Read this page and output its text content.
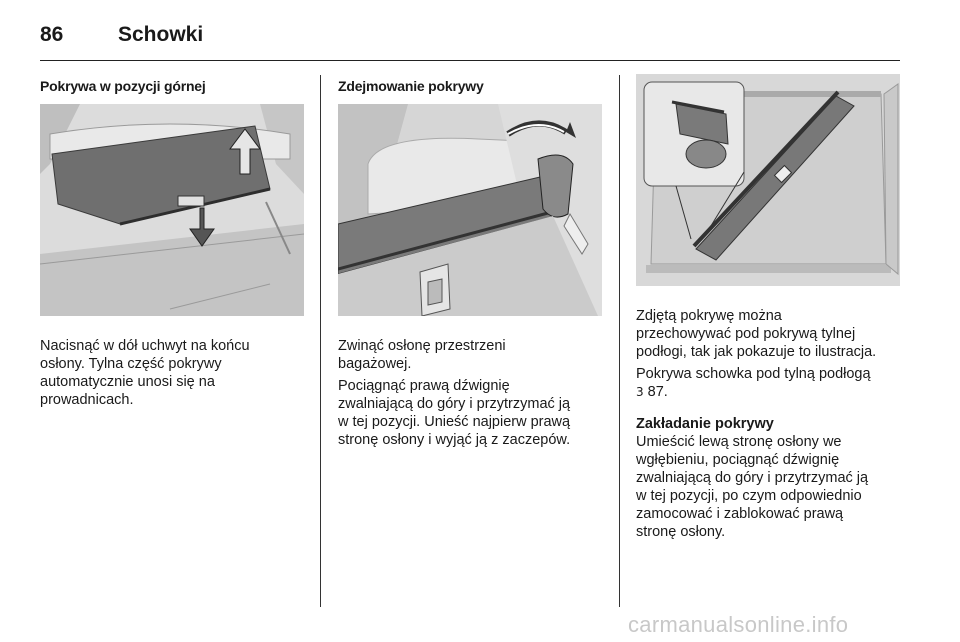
86	Schowki
Pokrywa w pozycji górnej

Nacisnąć w dół uchwyt na końcu
osłony. Tylna część pokrywy
automatycznie unosi się na
prowadnicach.

Zdejmowanie pokrywy

Zwinąć osłonę przestrzeni
bagażowej.

Pociągnąć prawą dźwignię
zwalniającą do góry i przytrzymać ją
w tej pozycji. Unieść najpierw prawą
stronę osłony i wyjąć ją z zaczepów.

Zdjętą pokrywę można
przechowywać pod pokrywą tylnej
podłogi, tak jak pokazuje to ilustracja.

Pokrywa schowka pod tylną podłogą
3 87.

Zakładanie pokrywy

Umieścić lewą stronę osłony we
wgłębieniu, pociągnąć dźwignię
zwalniającą do góry i przytrzymać ją
w tej pozycji, po czym odpowiednio
zamocować i zablokować prawą
stronę osłony.

carmanualsonline.info
